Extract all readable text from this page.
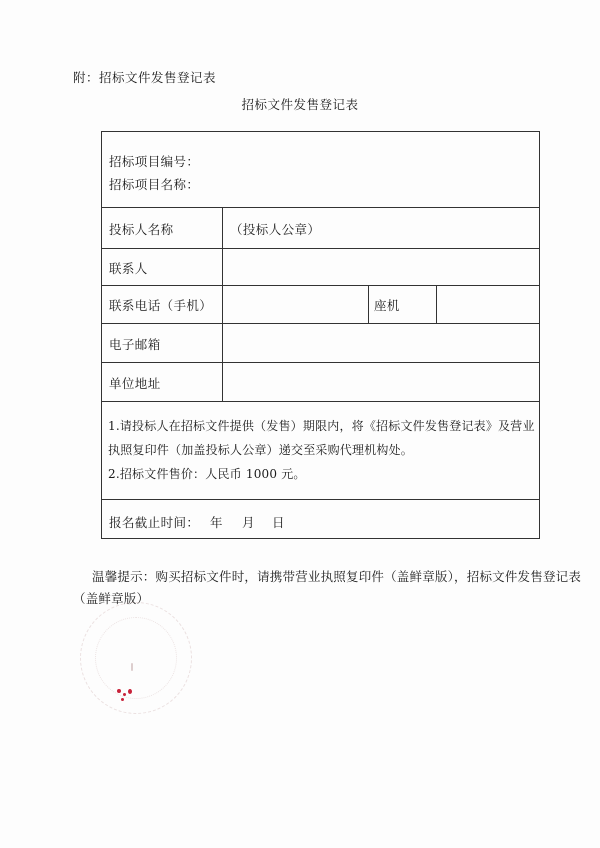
附：招标文件发售登记表
招标文件发售登记表
招标项目编号：
招标项目名称：
投标人名称	（投标人公章）
联系人
联系电话（手机）	座机
电子邮箱
单位地址
1.请投标人在招标文件提供（发售）期限内，将《招标文件发售登记表》及营业
执照复印件（加盖投标人公章）递交至采购代理机构处。
2.招标文件售价：人民币 1000 元。
报名截止时间： 年 月 日
温馨提示：购买招标文件时，请携带营业执照复印件（盖鲜章版），招标文件发售登记表
（盖鲜章版）
